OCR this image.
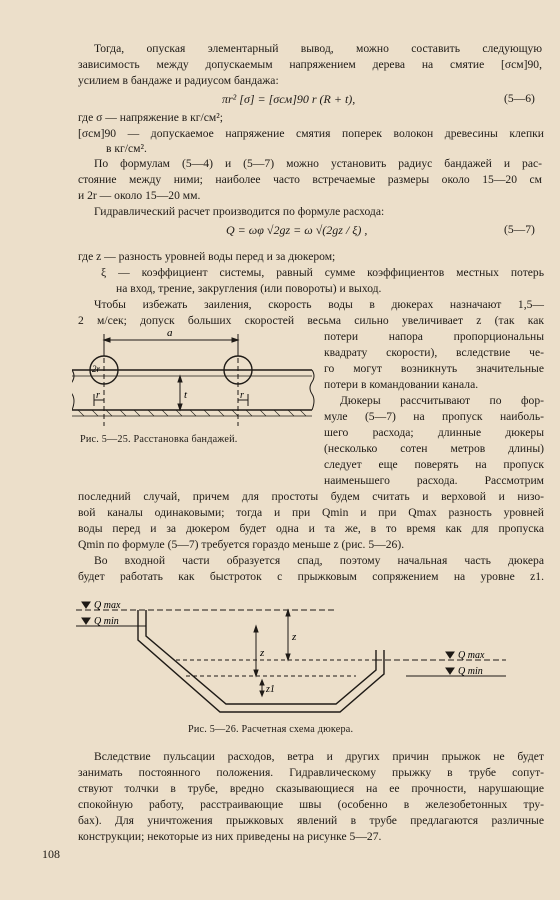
Тогда, опуская элементарный вывод, можно составить следующую
зависимость между допускаемым напряжением дерева на смятие [σсм]90,
усилием в бандаже и радиусом бандажа:
πr² [σ] = [σсм]90 r (R + t),	(5—6)
где σ — напряжение в кг/см²;
[σсм]90 — допускаемое напряжение смятия поперек волокон древесины клепки
в кг/см².
По формулам (5—4) и (5—7) можно установить радиус бандажей и рас-
стояние между ними; наиболее часто встречаемые размеры около 15—20 см
и 2r — около 15—20 мм.
Гидравлический расчет производится по формуле расхода:
Q = ωφ √2gz = ω √(2gz / ξ) ,	(5—7)
где z — разность уровней воды перед и за дюкером;
ξ — коэффициент системы, равный сумме коэффициентов местных потерь
на вход, трение, закругления (или повороты) и выход.
Чтобы избежать заиления, скорость воды в дюкерах назначают 1,5—
2 м/сек; допуск больших скоростей весьма сильно увеличивает z (так как
потери напора пропорциональны
квадрату скорости), вследствие че-
го могут возникнуть значительные
потери в командовании канала.
Дюкеры рассчитывают по фор-
муле (5—7) на пропуск наиболь-
шего расхода; длинные дюкеры
(несколько сотен метров длины)
следует еще поверять на пропуск
наименьшего расхода. Рассмотрим
a
2r
r	t	r
Рис. 5—25. Расстановка бандажей.
последний случай, причем для простоты будем считать и верховой и низо-
вой каналы одинаковыми; тогда и при Qmin и при Qmax разность уровней
воды перед и за дюкером будет одна и та же, в то время как для пропуска
Qmin по формуле (5—7) требуется гораздо меньше z (рис. 5—26).
Во входной части образуется спад, поэтому начальная часть дюкера
будет работать как быстроток с прыжковым сопряжением на уровне z1.
Q max
Q min
z
z
z1
Q max
Q min
Рис. 5—26. Расчетная схема дюкера.
Вследствие пульсации расходов, ветра и других причин прыжок не будет
занимать постоянного положения. Гидравлическому прыжку в трубе сопут-
ствуют толчки в трубе, вредно сказывающиеся на ее прочности, нарушающие
спокойную работу, расстраивающие швы (особенно в железобетонных тру-
бах). Для уничтожения прыжковых явлений в трубе предлагаются различные
конструкции; некоторые из них приведены на рисунке 5—27.
108
